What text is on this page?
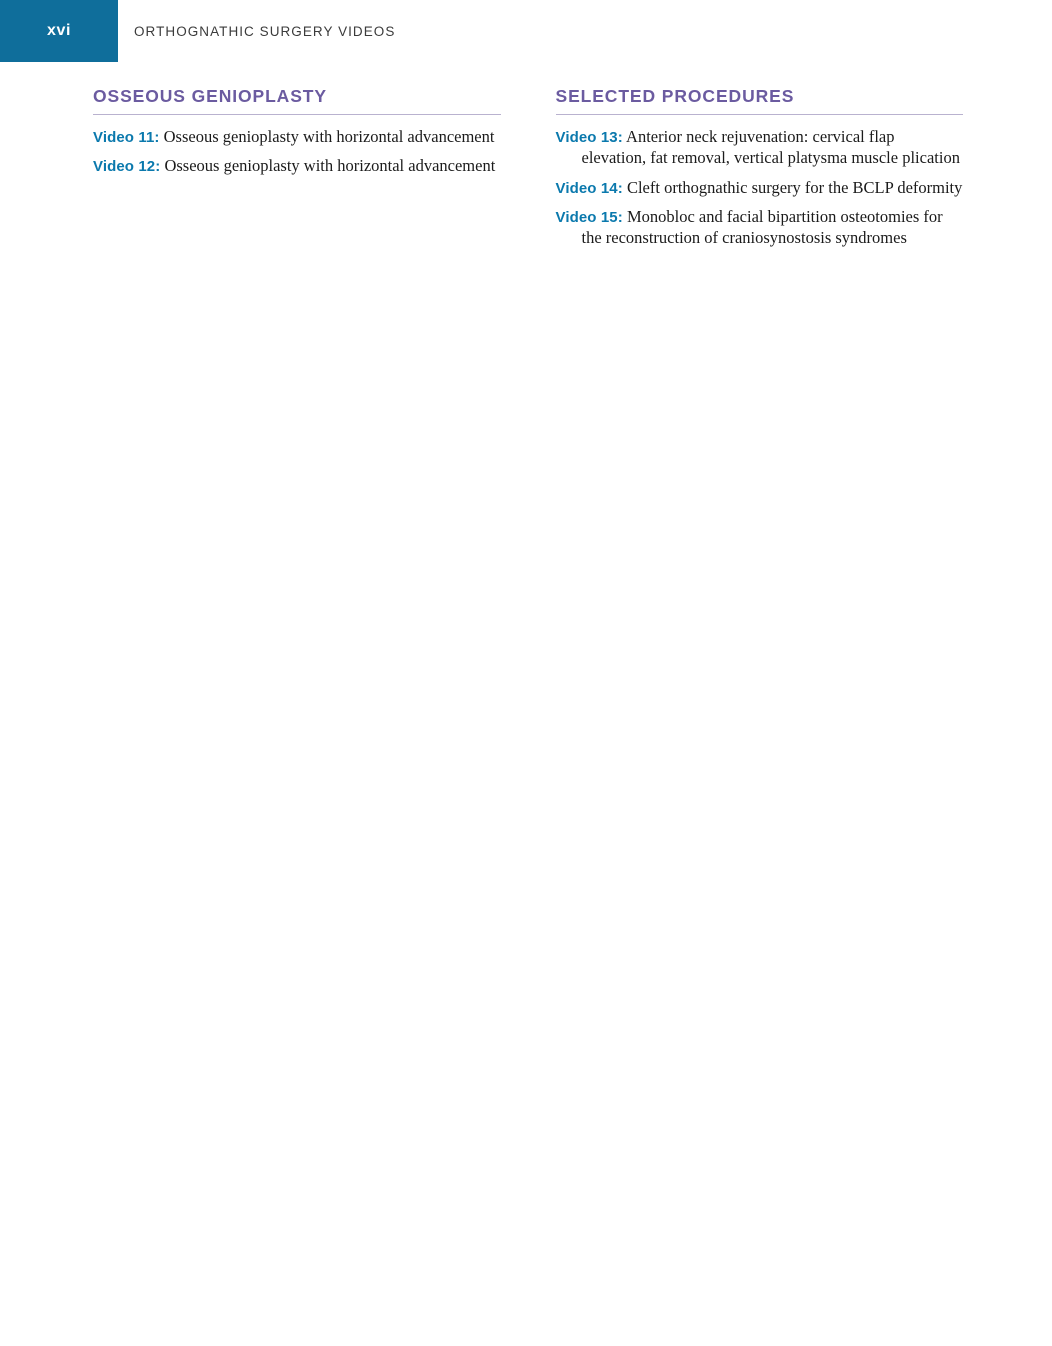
xvi	ORTHOGNATHIC SURGERY VIDEOS
OSSEOUS GENIOPLASTY
Video 11: Osseous genioplasty with horizontal advancement
Video 12: Osseous genioplasty with horizontal advancement
SELECTED PROCEDURES
Video 13: Anterior neck rejuvenation: cervical flap elevation, fat removal, vertical platysma muscle plication
Video 14: Cleft orthognathic surgery for the BCLP deformity
Video 15: Monobloc and facial bipartition osteotomies for the reconstruction of craniosynostosis syndromes
